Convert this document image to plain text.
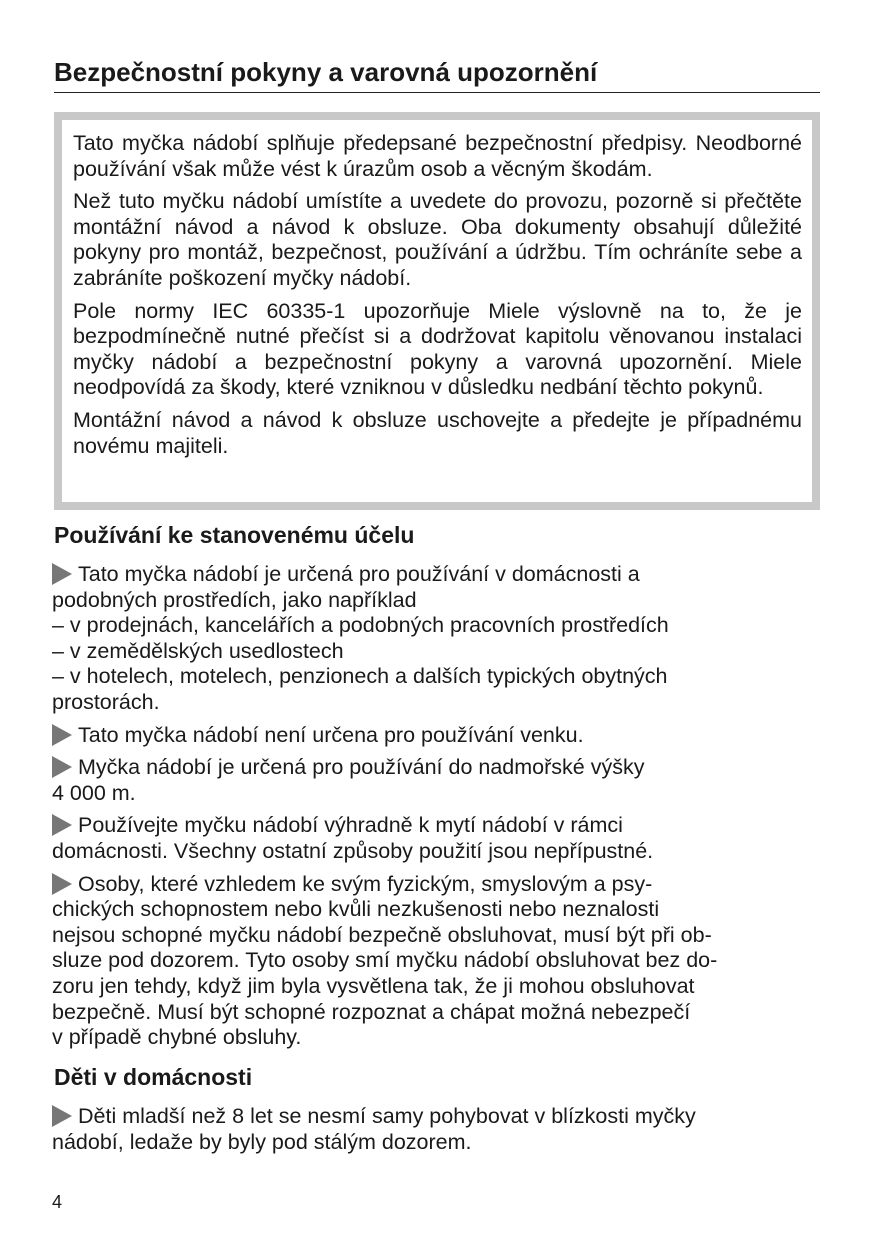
Bezpečnostní pokyny a varovná upozornění

Tato myčka nádobí splňuje předepsané bezpečnostní předpisy. Neodborné používání však může vést k úrazům osob a věcným škodám.

Než tuto myčku nádobí umístíte a uvedete do provozu, pozorně si přečtěte montážní návod a návod k obsluze. Oba dokumenty obsahují důležité pokyny pro montáž, bezpečnost, používání a údržbu. Tím ochráníte sebe a zabráníte poškození myčky nádobí.

Pole normy IEC 60335-1 upozorňuje Miele výslovně na to, že je bezpodmínečně nutné přečíst si a dodržovat kapitolu věnovanou instalaci myčky nádobí a bezpečnostní pokyny a varovná upozornění. Miele neodpovídá za škody, které vzniknou v důsledku nedbání těchto pokynů.

Montážní návod a návod k obsluze uschovejte a předejte je případnému novému majiteli.

Používání ke stanovenému účelu
Tato myčka nádobí je určená pro používání v domácnosti a
podobných prostředích, jako například
– v prodejnách, kancelářích a podobných pracovních prostředích
– v zemědělských usedlostech
– v hotelech, motelech, penzionech a dalších typických obytných
prostorách.
Tato myčka nádobí není určena pro používání venku.
Myčka nádobí je určená pro používání do nadmořské výšky
4 000 m.
Používejte myčku nádobí výhradně k mytí nádobí v rámci
domácnosti. Všechny ostatní způsoby použití jsou nepřípustné.
Osoby, které vzhledem ke svým fyzickým, smyslovým a psy-
chických schopnostem nebo kvůli nezkušenosti nebo neznalosti
nejsou schopné myčku nádobí bezpečně obsluhovat, musí být při ob-
sluze pod dozorem. Tyto osoby smí myčku nádobí obsluhovat bez do-
zoru jen tehdy, když jim byla vysvětlena tak, že ji mohou obsluhovat
bezpečně. Musí být schopné rozpoznat a chápat možná nebezpečí
v případě chybné obsluhy.
Děti v domácnosti
Děti mladší než 8 let se nesmí samy pohybovat v blízkosti myčky
nádobí, ledaže by byly pod stálým dozorem.
4
